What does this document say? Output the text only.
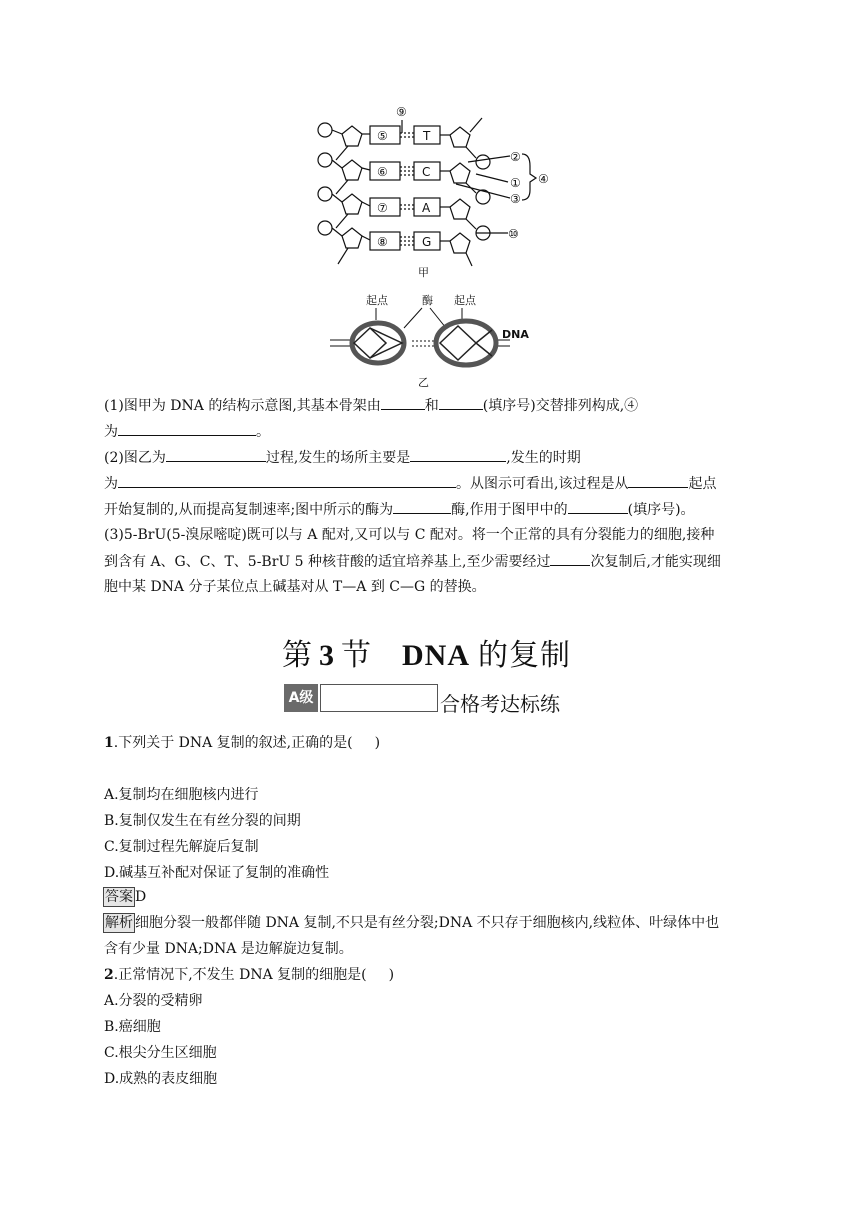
⑤
⑥
⑦
⑧
T
C
A
G
⑨
②
①
③
④
⑩
甲
起点	酶 起点
DNA
乙
(1)图甲为 DNA 的结构示意图,其基本骨架由	和	(填序号)交替排列构成,④
为	。
(2)图乙为	过程,发生的场所主要是	,发生的时期
为	。从图示可看出,该过程是从	起点
开始复制的,从而提高复制速率;图中所示的酶为	酶,作用于图甲中的	(填序号)。
(3)5-BrU(5-溴尿嘧啶)既可以与 A 配对,又可以与 C 配对。将一个正常的具有分裂能力的细胞,接种
到含有 A、G、C、T、5-BrU 5 种核苷酸的适宜培养基上,至少需要经过	次复制后,才能实现细
胞中某 DNA 分子某位点上碱基对从 T—A 到 C—G 的替换。
第 3 节 DNA 的复制
A级	合格考达标练
1.下列关于 DNA 复制的叙述,正确的是( )
A.复制均在细胞核内进行
B.复制仅发生在有丝分裂的间期
C.复制过程先解旋后复制
D.碱基互补配对保证了复制的准确性
答案 D
解析 细胞分裂一般都伴随 DNA 复制,不只是有丝分裂;DNA 不只存于细胞核内,线粒体、叶绿体中也
含有少量 DNA;DNA 是边解旋边复制。
2.正常情况下,不发生 DNA 复制的细胞是( )
A.分裂的受精卵
B.癌细胞
C.根尖分生区细胞
D.成熟的表皮细胞
